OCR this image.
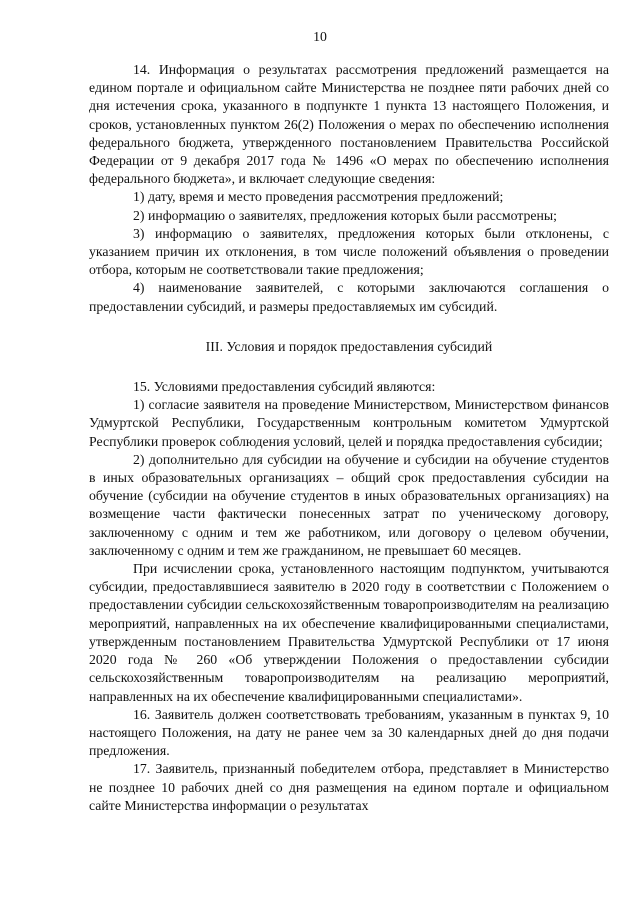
10

14. Информация о результатах рассмотрения предложений размещается на едином портале и официальном сайте Министерства не позднее пяти рабочих дней со дня истечения срока, указанного в подпункте 1 пункта 13 настоящего Положения, и сроков, установленных пунктом 26(2) Положения о мерах по обеспечению исполнения федерального бюджета, утвержденного постановлением Правительства Российской Федерации от 9 декабря 2017 года № 1496 «О мерах по обеспечению исполнения федерального бюджета», и включает следующие сведения:

1) дату, время и место проведения рассмотрения предложений;

2) информацию о заявителях, предложения которых были рассмотрены;

3) информацию о заявителях, предложения которых были отклонены, с указанием причин их отклонения, в том числе положений объявления о проведении отбора, которым не соответствовали такие предложения;

4) наименование заявителей, с которыми заключаются соглашения о предоставлении субсидий, и размеры предоставляемых им субсидий.

III. Условия и порядок предоставления субсидий

15. Условиями предоставления субсидий являются:

1) согласие заявителя на проведение Министерством, Министерством финансов Удмуртской Республики, Государственным контрольным комитетом Удмуртской Республики проверок соблюдения условий, целей и порядка предоставления субсидии;

2) дополнительно для субсидии на обучение и субсидии на обучение студентов в иных образовательных организациях – общий срок предоставления субсидии на обучение (субсидии на обучение студентов в иных образовательных организациях) на возмещение части фактически понесенных затрат по ученическому договору, заключенному с одним и тем же работником, или договору о целевом обучении, заключенному с одним и тем же гражданином, не превышает 60 месяцев.

При исчислении срока, установленного настоящим подпунктом, учитываются субсидии, предоставлявшиеся заявителю в 2020 году в соответствии с Положением о предоставлении субсидии сельскохозяйственным товаропроизводителям на реализацию мероприятий, направленных на их обеспечение квалифицированными специалистами, утвержденным постановлением Правительства Удмуртской Республики от 17 июня 2020 года № 260 «Об утверждении Положения о предоставлении субсидии сельскохозяйственным товаропроизводителям на реализацию мероприятий, направленных на их обеспечение квалифицированными специалистами».

16. Заявитель должен соответствовать требованиям, указанным в пунктах 9, 10 настоящего Положения, на дату не ранее чем за 30 календарных дней до дня подачи предложения.

17. Заявитель, признанный победителем отбора, представляет в Министерство не позднее 10 рабочих дней со дня размещения на едином портале и официальном сайте Министерства информации о результатах
